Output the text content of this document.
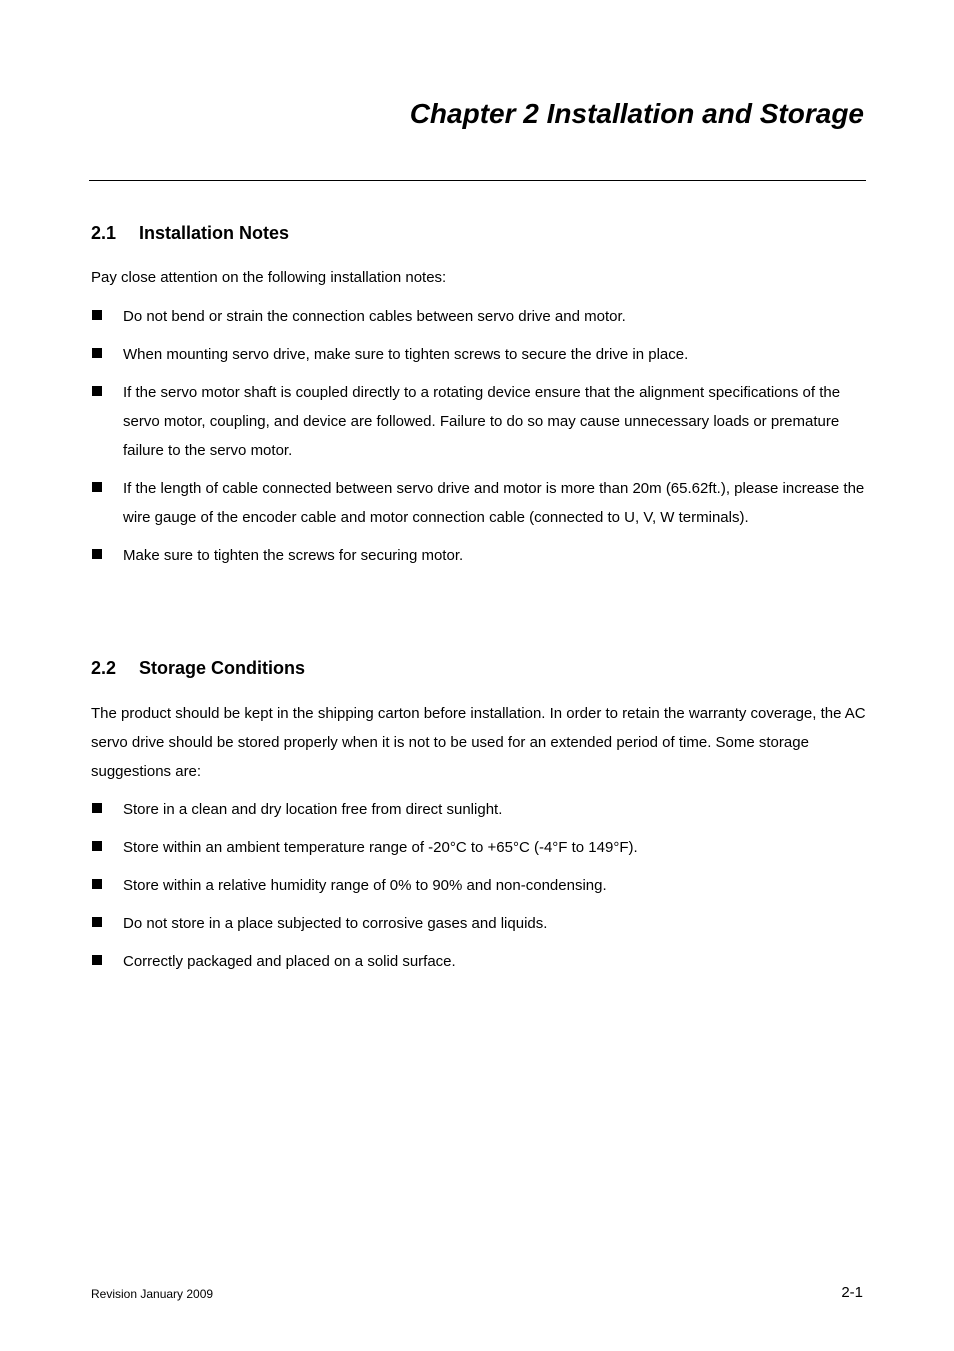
Chapter 2 Installation and Storage
2.1 Installation Notes

Pay close attention on the following installation notes:

Do not bend or strain the connection cables between servo drive and motor.
When mounting servo drive, make sure to tighten screws to secure the drive in place.
If the servo motor shaft is coupled directly to a rotating device ensure that the alignment specifications of the servo motor, coupling, and device are followed. Failure to do so may cause unnecessary loads or premature failure to the servo motor.
If the length of cable connected between servo drive and motor is more than 20m (65.62ft.), please increase the wire gauge of the encoder cable and motor connection cable (connected to U, V, W terminals).
Make sure to tighten the screws for securing motor.
2.2 Storage Conditions

The product should be kept in the shipping carton before installation. In order to retain the warranty coverage, the AC servo drive should be stored properly when it is not to be used for an extended period of time. Some storage suggestions are:

Store in a clean and dry location free from direct sunlight.
Store within an ambient temperature range of -20°C to +65°C (-4°F to 149°F).
Store within a relative humidity range of 0% to 90% and non-condensing.
Do not store in a place subjected to corrosive gases and liquids.
Correctly packaged and placed on a solid surface.
Revision January 2009	2-1
